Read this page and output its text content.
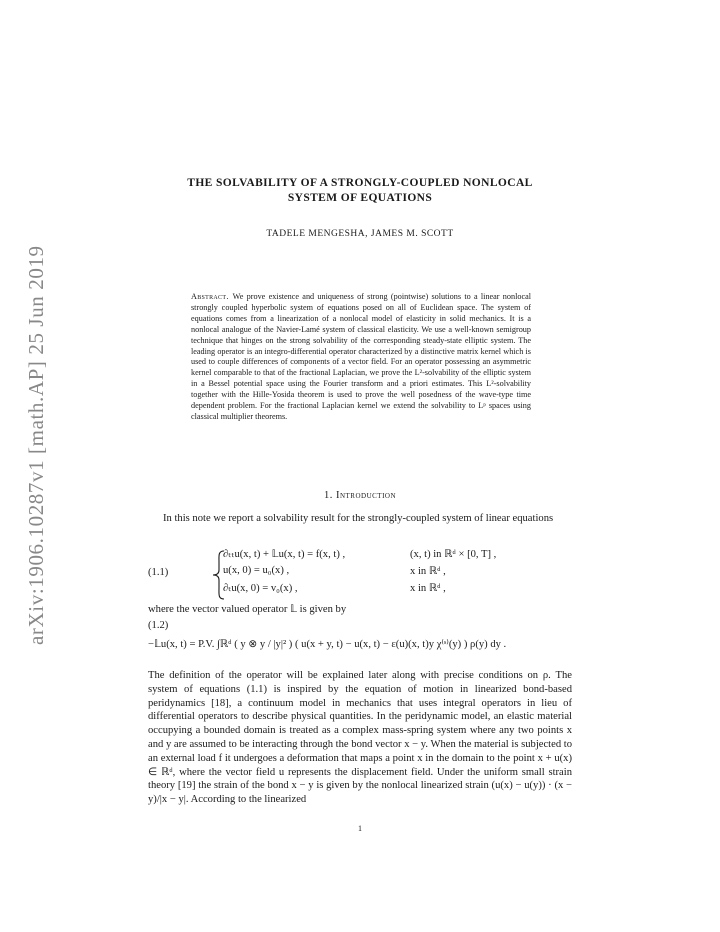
arXiv:1906.10287v1 [math.AP] 25 Jun 2019
THE SOLVABILITY OF A STRONGLY-COUPLED NONLOCAL
SYSTEM OF EQUATIONS
TADELE MENGESHA, JAMES M. SCOTT
Abstract. We prove existence and uniqueness of strong (pointwise) solutions to a linear nonlocal strongly coupled hyperbolic system of equations posed on all of Euclidean space. The system of equations comes from a linearization of a nonlocal model of elasticity in solid mechanics. It is a nonlocal analogue of the Navier-Lamé system of classical elasticity. We use a well-known semigroup technique that hinges on the strong solvability of the corresponding steady-state elliptic system. The leading operator is an integro-differential operator characterized by a distinctive matrix kernel which is used to couple differences of components of a vector field. For an operator possessing an asymmetric kernel comparable to that of the fractional Laplacian, we prove the L²-solvability of the elliptic system in a Bessel potential space using the Fourier transform and a priori estimates. This L²-solvability together with the Hille-Yosida theorem is used to prove the well posedness of the wave-type time dependent problem. For the fractional Laplacian kernel we extend the solvability to Lᵖ spaces using classical multiplier theorems.
1. Introduction
In this note we report a solvability result for the strongly-coupled system of linear equations
(1.1)
∂ₜₜu(x, t) + 𝕃u(x, t) = f(x, t) ,	(x, t) in ℝᵈ × [0, T] ,
u(x, 0) = u₀(x) ,	x in ℝᵈ ,
∂ₜu(x, 0) = v₀(x) ,	x in ℝᵈ ,
where the vector valued operator 𝕃 is given by
(1.2)
−𝕃u(x, t) = P.V. ∫ℝᵈ ( y ⊗ y / |y|² ) ( u(x + y, t) − u(x, t) − ε(u)(x, t)y χ⁽ˢ⁾(y) ) ρ(y) dy .
The definition of the operator will be explained later along with precise conditions on ρ. The system of equations (1.1) is inspired by the equation of motion in linearized bond-based peridynamics [18], a continuum model in mechanics that uses integral operators in lieu of differential operators to describe physical quantities. In the peridynamic model, an elastic material occupying a bounded domain is treated as a complex mass-spring system where any two points x and y are assumed to be interacting through the bond vector x − y. When the material is subjected to an external load f it undergoes a deformation that maps a point x in the domain to the point x + u(x) ∈ ℝᵈ, where the vector field u represents the displacement field. Under the uniform small strain theory [19] the strain of the bond x − y is given by the nonlocal linearized strain (u(x) − u(y)) · (x − y)/|x − y|. According to the linearized
1
